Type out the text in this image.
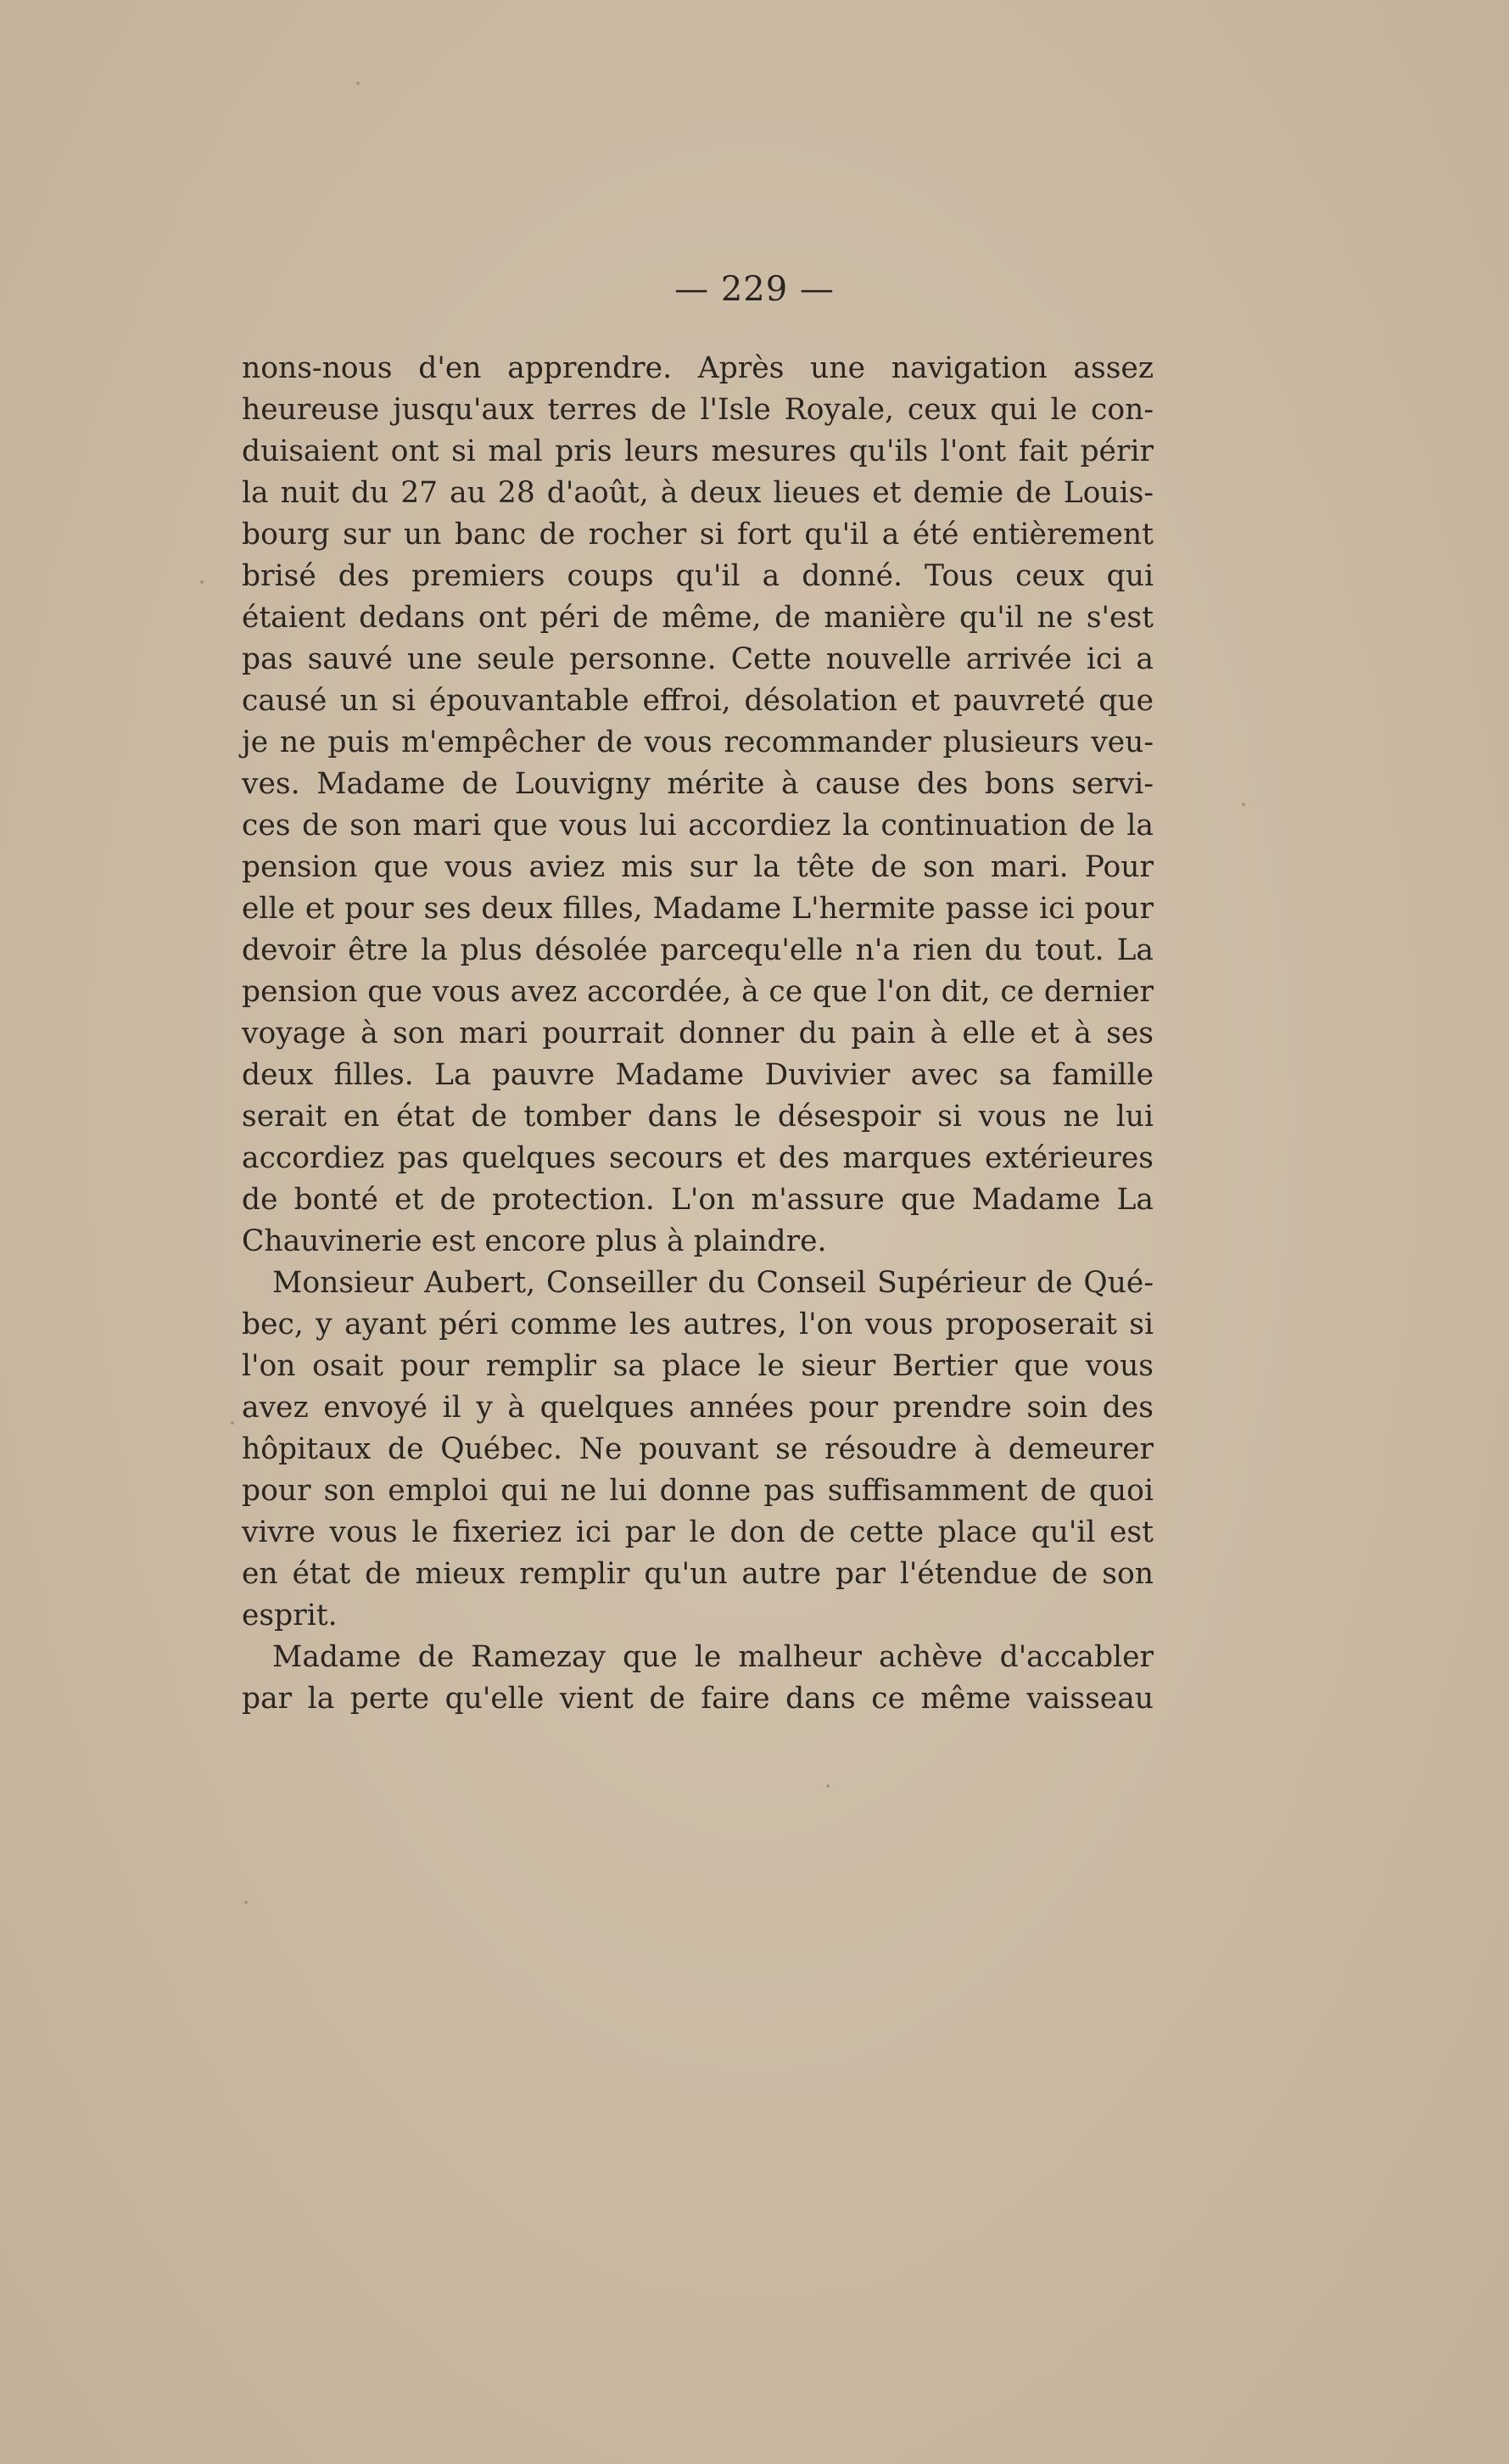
— 229 —
nons-nous d'en apprendre. Après une navigation assez
heureuse jusqu'aux terres de l'Isle Royale, ceux qui le con-
duisaient ont si mal pris leurs mesures qu'ils l'ont fait périr
la nuit du 27 au 28 d'août, à deux lieues et demie de Louis-
bourg sur un banc de rocher si fort qu'il a été entièrement
brisé des premiers coups qu'il a donné. Tous ceux qui
étaient dedans ont péri de même, de manière qu'il ne s'est
pas sauvé une seule personne. Cette nouvelle arrivée ici a
causé un si épouvantable effroi, désolation et pauvreté que
je ne puis m'empêcher de vous recommander plusieurs veu-
ves. Madame de Louvigny mérite à cause des bons servi-
ces de son mari que vous lui accordiez la continuation de la
pension que vous aviez mis sur la tête de son mari. Pour
elle et pour ses deux filles, Madame L'hermite passe ici pour
devoir être la plus désolée parcequ'elle n'a rien du tout. La
pension que vous avez accordée, à ce que l'on dit, ce dernier
voyage à son mari pourrait donner du pain à elle et à ses
deux filles. La pauvre Madame Duvivier avec sa famille
serait en état de tomber dans le désespoir si vous ne lui
accordiez pas quelques secours et des marques extérieures
de bonté et de protection. L'on m'assure que Madame La
Chauvinerie est encore plus à plaindre.
Monsieur Aubert, Conseiller du Conseil Supérieur de Qué-
bec, y ayant péri comme les autres, l'on vous proposerait si
l'on osait pour remplir sa place le sieur Bertier que vous
avez envoyé il y à quelques années pour prendre soin des
hôpitaux de Québec. Ne pouvant se résoudre à demeurer
pour son emploi qui ne lui donne pas suffisamment de quoi
vivre vous le fixeriez ici par le don de cette place qu'il est
en état de mieux remplir qu'un autre par l'étendue de son
esprit.
Madame de Ramezay que le malheur achève d'accabler
par la perte qu'elle vient de faire dans ce même vaisseau
